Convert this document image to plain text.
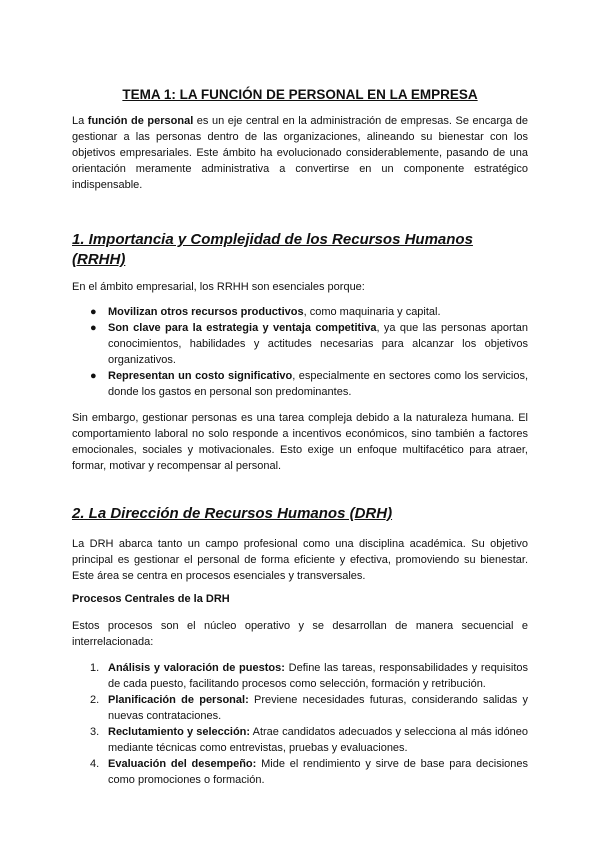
TEMA 1: LA FUNCIÓN DE PERSONAL EN LA EMPRESA

La función de personal es un eje central en la administración de empresas. Se encarga de gestionar a las personas dentro de las organizaciones, alineando su bienestar con los objetivos empresariales. Este ámbito ha evolucionado considerablemente, pasando de una orientación meramente administrativa a convertirse en un componente estratégico indispensable.

1. Importancia y Complejidad de los Recursos Humanos (RRHH)

En el ámbito empresarial, los RRHH son esenciales porque:

● Movilizan otros recursos productivos, como maquinaria y capital.
● Son clave para la estrategia y ventaja competitiva, ya que las personas aportan conocimientos, habilidades y actitudes necesarias para alcanzar los objetivos organizativos.
● Representan un costo significativo, especialmente en sectores como los servicios, donde los gastos en personal son predominantes.

Sin embargo, gestionar personas es una tarea compleja debido a la naturaleza humana. El comportamiento laboral no solo responde a incentivos económicos, sino también a factores emocionales, sociales y motivacionales. Esto exige un enfoque multifacético para atraer, formar, motivar y recompensar al personal.

2. La Dirección de Recursos Humanos (DRH)

La DRH abarca tanto un campo profesional como una disciplina académica. Su objetivo principal es gestionar el personal de forma eficiente y efectiva, promoviendo su bienestar. Este área se centra en procesos esenciales y transversales.

Procesos Centrales de la DRH

Estos procesos son el núcleo operativo y se desarrollan de manera secuencial e interrelacionada:

1. Análisis y valoración de puestos: Define las tareas, responsabilidades y requisitos de cada puesto, facilitando procesos como selección, formación y retribución.
2. Planificación de personal: Previene necesidades futuras, considerando salidas y nuevas contrataciones.
3. Reclutamiento y selección: Atrae candidatos adecuados y selecciona al más idóneo mediante técnicas como entrevistas, pruebas y evaluaciones.
4. Evaluación del desempeño: Mide el rendimiento y sirve de base para decisiones como promociones o formación.
